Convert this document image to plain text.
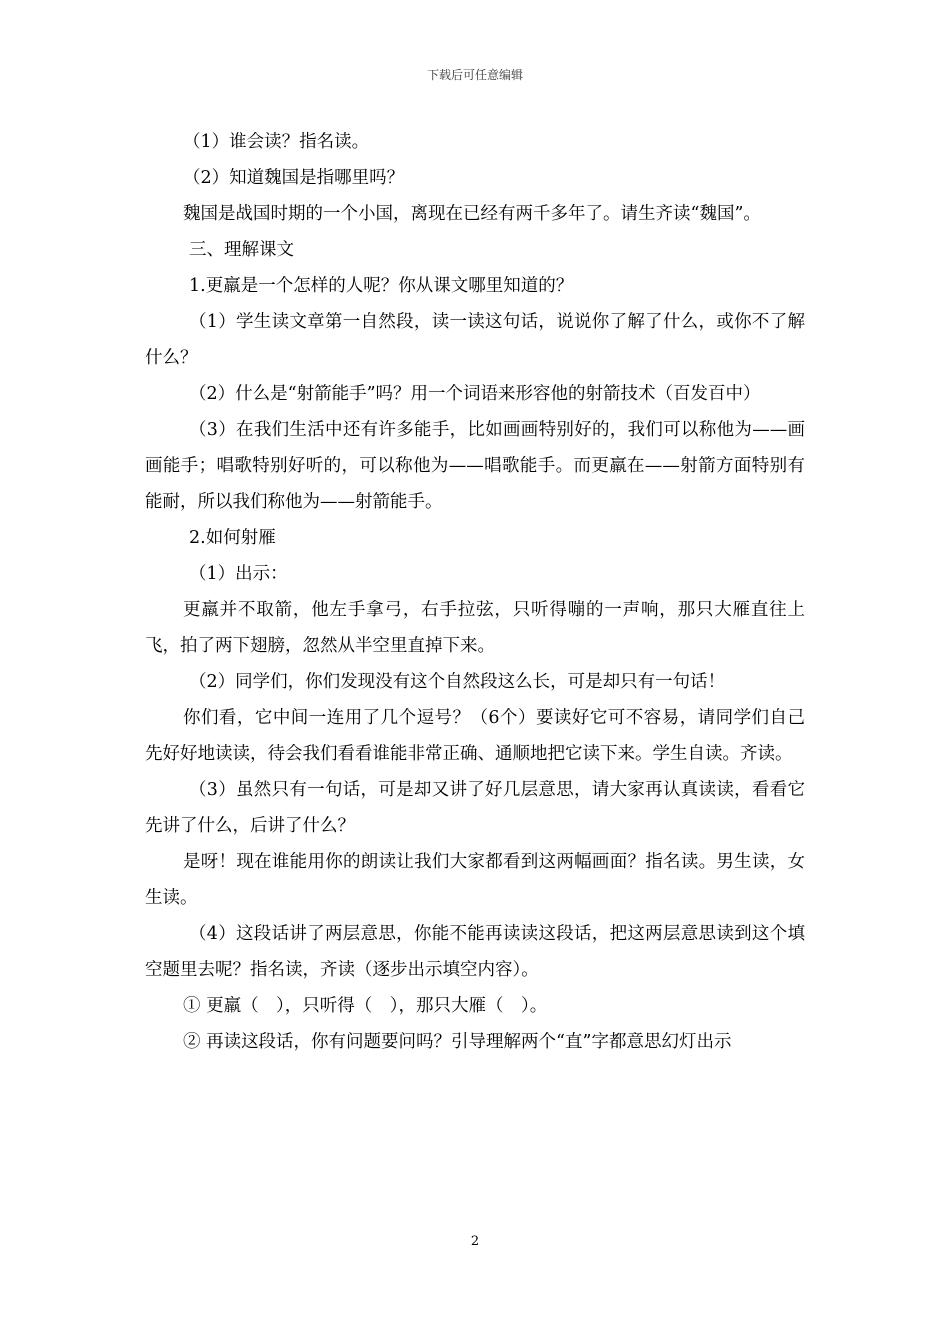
下载后可任意编辑

（1）谁会读？指名读。

（2）知道魏国是指哪里吗？

魏国是战国时期的一个小国，离现在已经有两千多年了。请生齐读“魏国”。

三、理解课文

1.更羸是一个怎样的人呢？你从课文哪里知道的？

（1）学生读文章第一自然段，读一读这句话，说说你了解了什么，或你不了解什么？

（2）什么是“射箭能手”吗？用一个词语来形容他的射箭技术（百发百中）

（3）在我们生活中还有许多能手，比如画画特别好的，我们可以称他为——画画能手；唱歌特别好听的，可以称他为——唱歌能手。而更羸在——射箭方面特别有能耐，所以我们称他为——射箭能手。

2.如何射雁

（1）出示：

更羸并不取箭，他左手拿弓，右手拉弦，只听得嘣的一声响，那只大雁直往上飞，拍了两下翅膀，忽然从半空里直掉下来。

（2）同学们，你们发现没有这个自然段这么长，可是却只有一句话！

你们看，它中间一连用了几个逗号？（6个）要读好它可不容易，请同学们自己先好好地读读，待会我们看看谁能非常正确、通顺地把它读下来。学生自读。齐读。

（3）虽然只有一句话，可是却又讲了好几层意思，请大家再认真读读，看看它先讲了什么，后讲了什么？

是呀！现在谁能用你的朗读让我们大家都看到这两幅画面？指名读。男生读，女生读。

（4）这段话讲了两层意思，你能不能再读读这段话，把这两层意思读到这个填空题里去呢？指名读，齐读（逐步出示填空内容）。

① 更羸（　），只听得（　），那只大雁（　）。

② 再读这段话，你有问题要问吗？引导理解两个“直”字都意思幻灯出示

2
